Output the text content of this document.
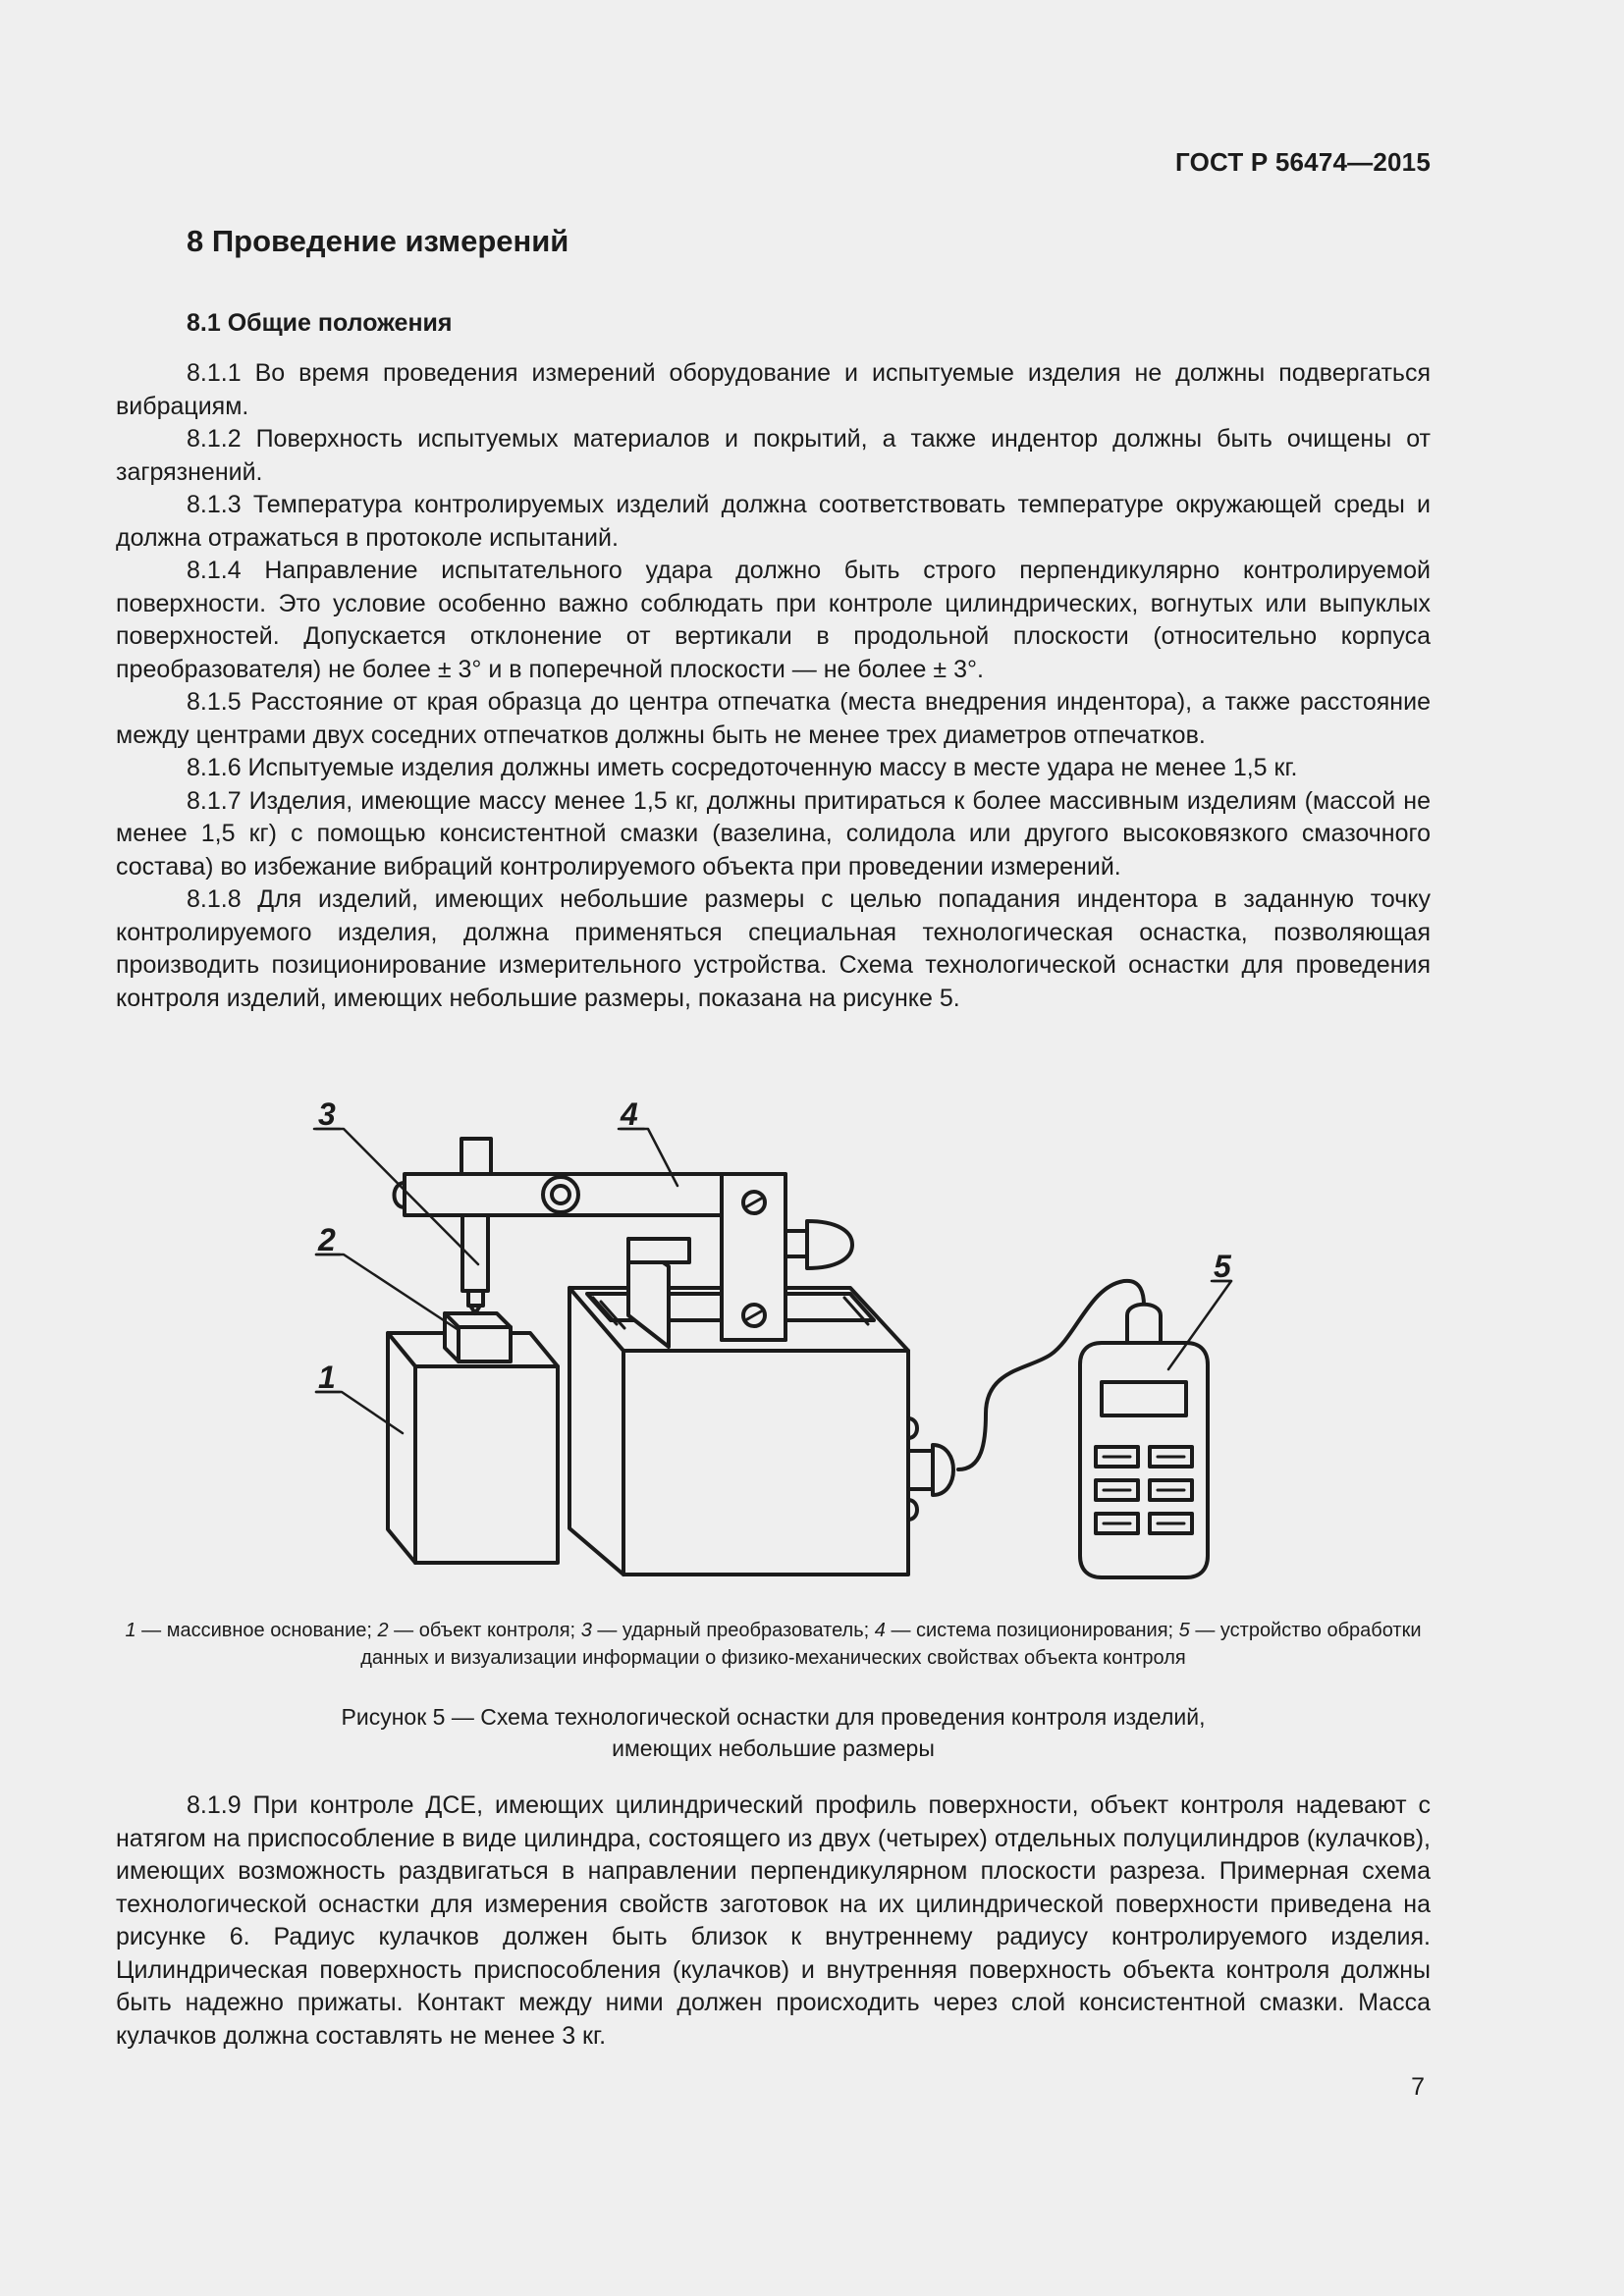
ГОСТ Р 56474—2015
8 Проведение измерений
8.1 Общие положения

8.1.1 Во время проведения измерений оборудование и испытуемые изделия не должны подвергаться вибрациям.

8.1.2 Поверхность испытуемых материалов и покрытий, а также индентор должны быть очищены от загрязнений.

8.1.3 Температура контролируемых изделий должна соответствовать температуре окружающей среды и должна отражаться в протоколе испытаний.

8.1.4 Направление испытательного удара должно быть строго перпендикулярно контролируемой поверхности. Это условие особенно важно соблюдать при контроле цилиндрических, вогнутых или выпуклых поверхностей. Допускается отклонение от вертикали в продольной плоскости (относительно корпуса преобразователя) не более ± 3° и в поперечной плоскости — не более ± 3°.

8.1.5 Расстояние от края образца до центра отпечатка (места внедрения индентора), а также расстояние между центрами двух соседних отпечатков должны быть не менее трех диаметров отпечатков.

8.1.6 Испытуемые изделия должны иметь сосредоточенную массу в месте удара не менее 1,5 кг.

8.1.7 Изделия, имеющие массу менее 1,5 кг, должны притираться к более массивным изделиям (массой не менее 1,5 кг) с помощью консистентной смазки (вазелина, солидола или другого высоковязкого смазочного состава) во избежание вибраций контролируемого объекта при проведении измерений.

8.1.8 Для изделий, имеющих небольшие размеры с целью попадания индентора в заданную точку контролируемого изделия, должна применяться специальная технологическая оснастка, позволяющая производить позиционирование измерительного устройства. Схема технологической оснастки для проведения контроля изделий, имеющих небольшие размеры, показана на рисунке 5.

3
2
1
4
5
1 — массивное основание; 2 — объект контроля; 3 — ударный преобразователь; 4 — система позиционирования; 5 — устройство обработки данных и визуализации информации о физико-механических свойствах объекта контроля
Рисунок 5 — Схема технологической оснастки для проведения контроля изделий,
имеющих небольшие размеры

8.1.9 При контроле ДСЕ, имеющих цилиндрический профиль поверхности, объект контроля надевают с натягом на приспособление в виде цилиндра, состоящего из двух (четырех) отдельных полуцилиндров (кулачков), имеющих возможность раздвигаться в направлении перпендикулярном плоскости разреза. Примерная схема технологической оснастки для измерения свойств заготовок на их цилиндрической поверхности приведена на рисунке 6. Радиус кулачков должен быть близок к внутреннему радиусу контролируемого изделия. Цилиндрическая поверхность приспособления (кулачков) и внутренняя поверхность объекта контроля должны быть надежно прижаты. Контакт между ними должен происходить через слой консистентной смазки. Масса кулачков должна составлять не менее 3 кг.

7
